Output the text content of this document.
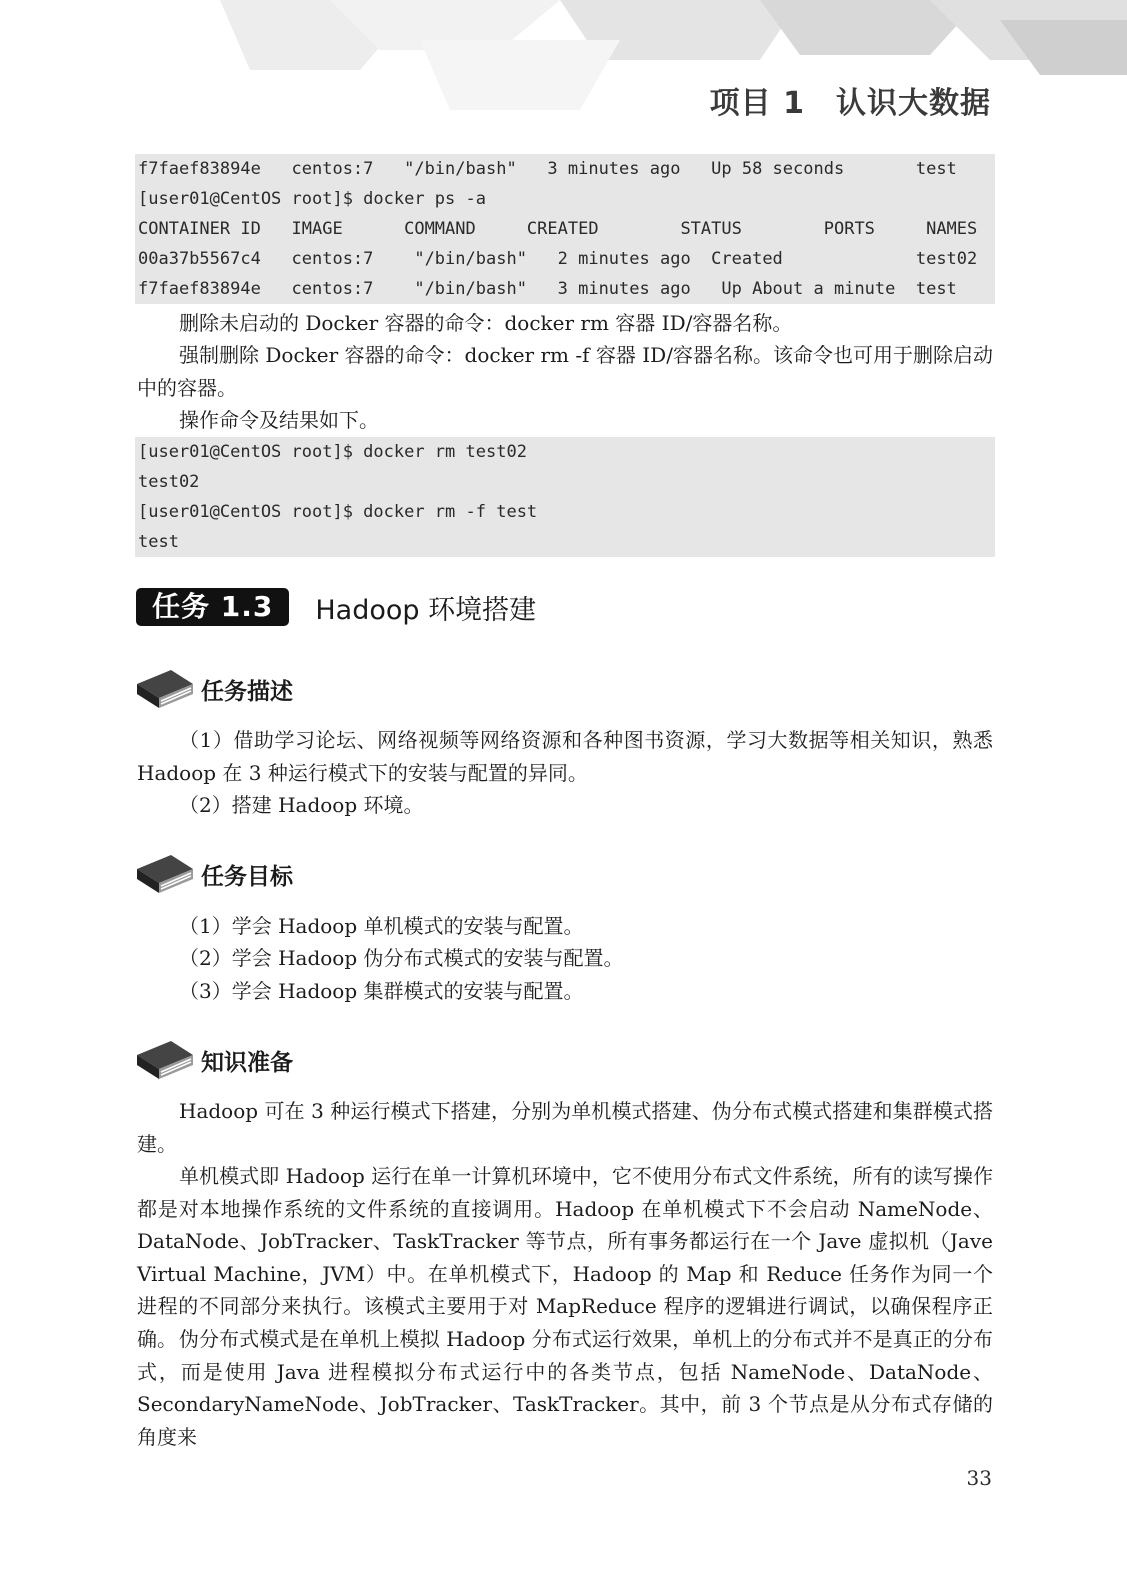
项目 1　认识大数据
f7faef83894e   centos:7   "/bin/bash"   3 minutes ago   Up 58 seconds       test
[user01@CentOS root]$ docker ps -a
CONTAINER ID   IMAGE      COMMAND     CREATED        STATUS        PORTS     NAMES
00a37b5567c4   centos:7    "/bin/bash"   2 minutes ago  Created             test02
f7faef83894e   centos:7    "/bin/bash"   3 minutes ago   Up About a minute  test
删除未启动的 Docker 容器的命令：docker rm 容器 ID/容器名称。
强制删除 Docker 容器的命令：docker rm -f 容器 ID/容器名称。该命令也可用于删除启动中的容器。
操作命令及结果如下。
[user01@CentOS root]$ docker rm test02
test02
[user01@CentOS root]$ docker rm -f test
test
任务 1.3	Hadoop 环境搭建
任务描述
（1）借助学习论坛、网络视频等网络资源和各种图书资源，学习大数据等相关知识，熟悉 Hadoop 在 3 种运行模式下的安装与配置的异同。
（2）搭建 Hadoop 环境。
任务目标
（1）学会 Hadoop 单机模式的安装与配置。
（2）学会 Hadoop 伪分布式模式的安装与配置。
（3）学会 Hadoop 集群模式的安装与配置。
知识准备
Hadoop 可在 3 种运行模式下搭建，分别为单机模式搭建、伪分布式模式搭建和集群模式搭建。
单机模式即 Hadoop 运行在单一计算机环境中，它不使用分布式文件系统，所有的读写操作都是对本地操作系统的文件系统的直接调用。Hadoop 在单机模式下不会启动 NameNode、DataNode、JobTracker、TaskTracker 等节点，所有事务都运行在一个 Jave 虚拟机（Jave Virtual Machine，JVM）中。在单机模式下，Hadoop 的 Map 和 Reduce 任务作为同一个进程的不同部分来执行。该模式主要用于对 MapReduce 程序的逻辑进行调试，以确保程序正确。 伪分布式模式是在单机上模拟 Hadoop 分布式运行效果，单机上的分布式并不是真正的分布式，而是使用 Java 进程模拟分布式运行中的各类节点，包括 NameNode、DataNode、SecondaryNameNode、JobTracker、TaskTracker。其中，前 3 个节点是从分布式存储的角度来
33
